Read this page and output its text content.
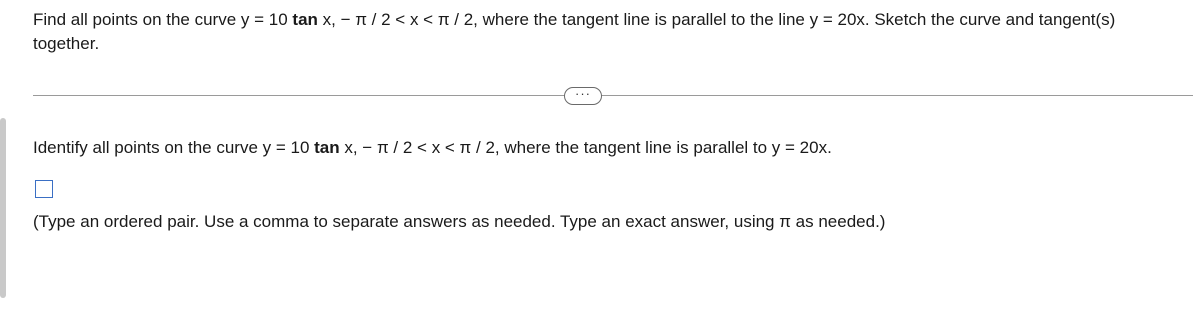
Find all points on the curve y = 10 tan x, − π / 2 < x < π / 2, where the tangent line is parallel to the line y = 20x. Sketch the curve and tangent(s) together.
···
Identify all points on the curve y = 10 tan x, − π / 2 < x < π / 2, where the tangent line is parallel to y = 20x.
(Type an ordered pair. Use a comma to separate answers as needed. Type an exact answer, using π as needed.)
